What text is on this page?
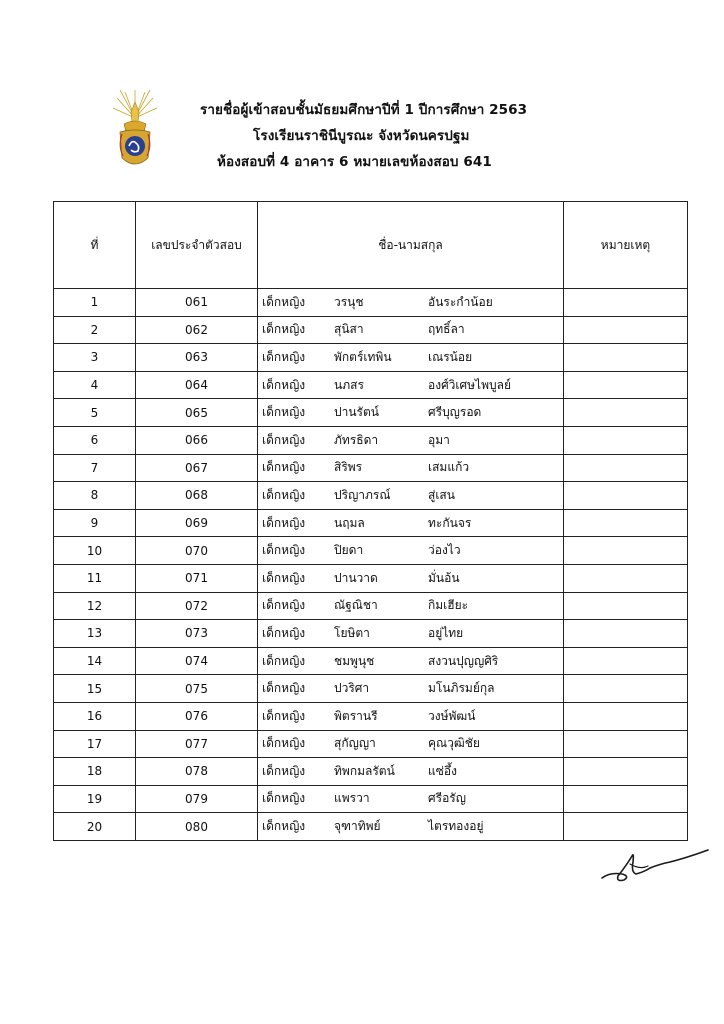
รายชื่อผู้เข้าสอบชั้นมัธยมศึกษาปีที่ 1 ปีการศึกษา 2563
โรงเรียนราชินีบูรณะ จังหวัดนครปฐม
ห้องสอบที่ 4 อาคาร 6 หมายเลขห้องสอบ 641
ที่	เลขประจำตัวสอบ	ชื่อ-นามสกุล	หมายเหตุ
1	061	เด็กหญิง วรนุช อันระกำน้อย	

2	062	เด็กหญิง สุนิสา ฤทธิ์ลา	

3	063	เด็กหญิง พักตร์เทพิน เณรน้อย	

4	064	เด็กหญิง นภสร องศ์วิเศษไพบูลย์	

5	065	เด็กหญิง ปานรัตน์ ศรีบุญรอด	

6	066	เด็กหญิง ภัทรธิดา อุมา	

7	067	เด็กหญิง สิริพร เสมแก้ว	

8	068	เด็กหญิง ปริญาภรณ์ สู่เสน	

9	069	เด็กหญิง นฤมล ทะกันจร	

10	070	เด็กหญิง ปิยดา ว่องไว	

11	071	เด็กหญิง ปานวาด มั่นอ้น	

12	072	เด็กหญิง ณัฐณิชา กิมเฮียะ	

13	073	เด็กหญิง โยษิตา อยู่ไทย	

14	074	เด็กหญิง ชมพูนุช สงวนปุญญศิริ	

15	075	เด็กหญิง ปวริศา มโนภิรมย์กุล	

16	076	เด็กหญิง พิตรานรี วงษ์พัฒน์	

17	077	เด็กหญิง สุกัญญา คุณวุฒิชัย	

18	078	เด็กหญิง ทิพกมลรัตน์ แซ่อึ้ง	

19	079	เด็กหญิง แพรวา ศรีอรัญ	

20	080	เด็กหญิง จุฑาทิพย์ ไตรทองอยู่	
